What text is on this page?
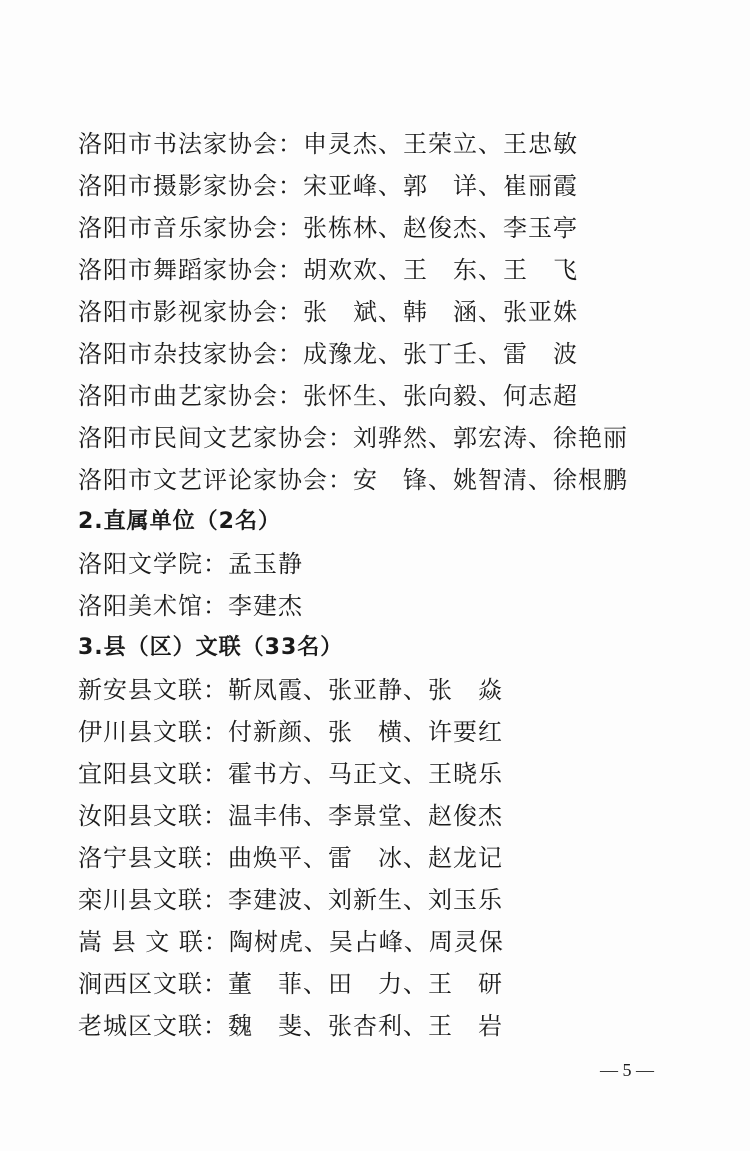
洛阳市书法家协会：申灵杰、王荣立、王忠敏
洛阳市摄影家协会：宋亚峰、郭　详、崔丽霞
洛阳市音乐家协会：张栋林、赵俊杰、李玉亭
洛阳市舞蹈家协会：胡欢欢、王　东、王　飞
洛阳市影视家协会：张　斌、韩　涵、张亚姝
洛阳市杂技家协会：成豫龙、张丁壬、雷　波
洛阳市曲艺家协会：张怀生、张向毅、何志超
洛阳市民间文艺家协会：刘骅然、郭宏涛、徐艳丽
洛阳市文艺评论家协会：安　锋、姚智清、徐根鹏
2.直属单位（2名）
洛阳文学院：孟玉静
洛阳美术馆：李建杰
3.县（区）文联（33名）
新安县文联：靳凤霞、张亚静、张　焱
伊川县文联：付新颜、张　横、许要红
宜阳县文联：霍书方、马正文、王晓乐
汝阳县文联：温丰伟、李景堂、赵俊杰
洛宁县文联：曲焕平、雷　冰、赵龙记
栾川县文联：李建波、刘新生、刘玉乐
嵩 县 文 联：陶树虎、吴占峰、周灵保
涧西区文联：董　菲、田　力、王　研
老城区文联：魏　斐、张杏利、王　岩
— 5 —
